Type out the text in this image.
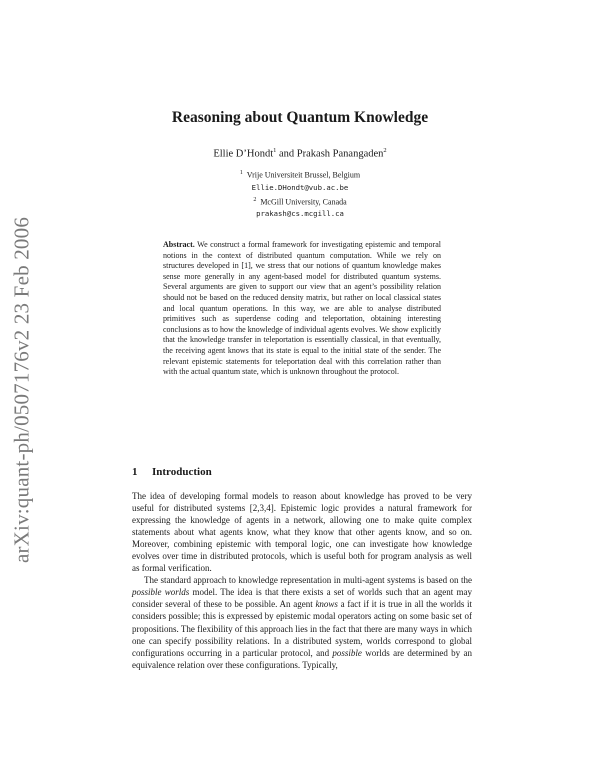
arXiv:quant-ph/0507176v2 23 Feb 2006
Reasoning about Quantum Knowledge
Ellie D’Hondt$^1$ and Prakash Panangaden$^2$
$^1$ Vrije Universiteit Brussel, Belgium
Ellie.DHondt@vub.ac.be
$^2$ McGill University, Canada
prakash@cs.mcgill.ca

Abstract. We construct a formal framework for investigating epistemic and temporal notions in the context of distributed quantum computation. While we rely on structures developed in [1], we stress that our notions of quantum knowledge makes sense more generally in any agent-based model for distributed quantum systems. Several arguments are given to support our view that an agent’s possibility relation should not be based on the reduced density matrix, but rather on local classical states and local quantum operations. In this way, we are able to analyse distributed primitives such as superdense coding and teleportation, obtaining interesting conclusions as to how the knowledge of individual agents evolves. We show explicitly that the knowledge transfer in teleportation is essentially classical, in that eventually, the receiving agent knows that its state is equal to the initial state of the sender. The relevant epistemic statements for teleportation deal with this correlation rather than with the actual quantum state, which is unknown throughout the protocol.

1 Introduction

The idea of developing formal models to reason about knowledge has proved to be very useful for distributed systems [2,3,4]. Epistemic logic provides a natural framework for expressing the knowledge of agents in a network, allowing one to make quite complex statements about what agents know, what they know that other agents know, and so on. Moreover, combining epistemic with temporal logic, one can investigate how knowledge evolves over time in distributed protocols, which is useful both for program analysis as well as formal verification.

The standard approach to knowledge representation in multi-agent systems is based on the possible worlds model. The idea is that there exists a set of worlds such that an agent may consider several of these to be possible. An agent knows a fact if it is true in all the worlds it considers possible; this is expressed by epistemic modal operators acting on some basic set of propositions. The flexibility of this approach lies in the fact that there are many ways in which one can specify possibility relations. In a distributed system, worlds correspond to global configurations occurring in a particular protocol, and possible worlds are determined by an equivalence relation over these configurations. Typically,
